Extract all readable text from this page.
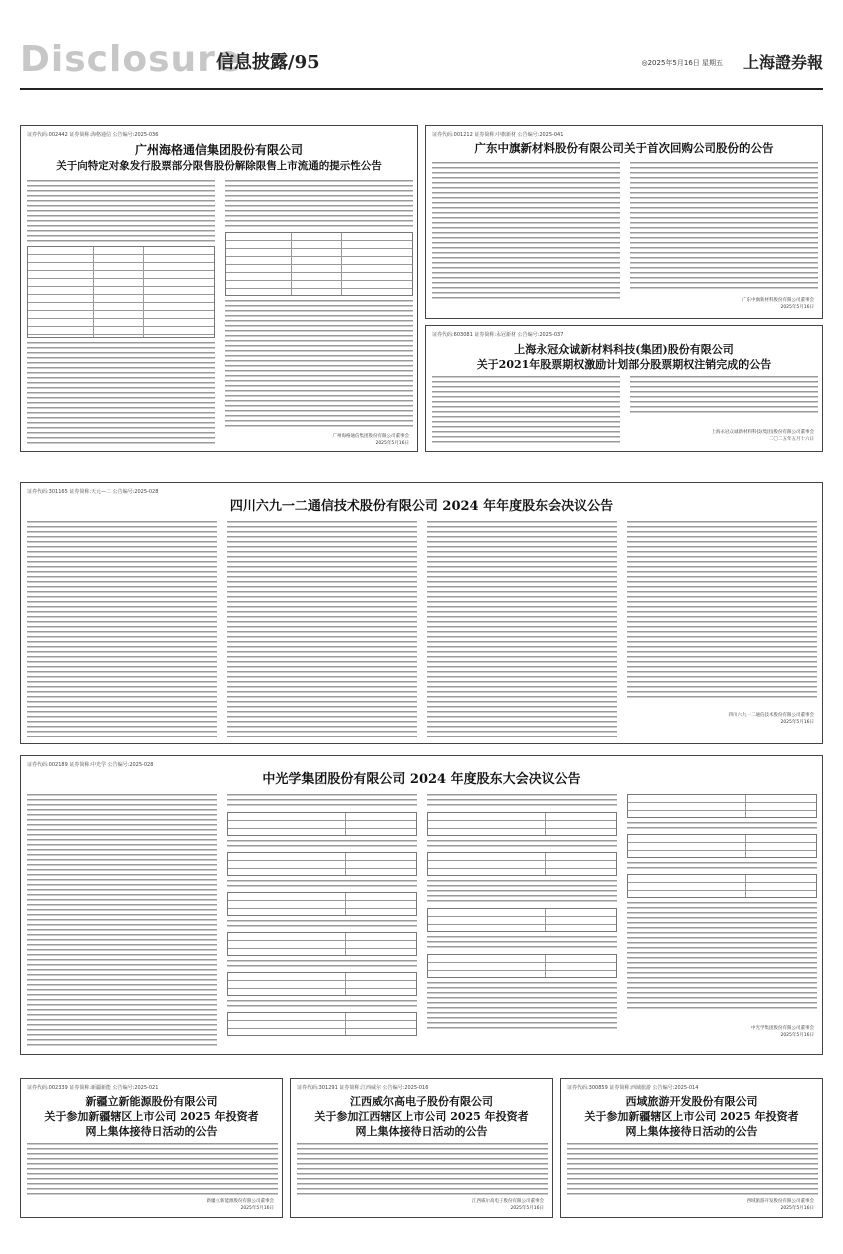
Disclosure
信息披露/95	◎2025年5月16日 星期五 上海證券報
证券代码:002442 证券简称:海格通信 公告编号:2025-036
广州海格通信集团股份有限公司
关于向特定对象发行股票部分限售股份解除限售上市流通的提示性公告
广州海格通信集团股份有限公司董事会
2025年5月16日
证券代码:001212 证券简称:中旗新材 公告编号:2025-041
广东中旗新材料股份有限公司关于首次回购公司股份的公告
广东中旗新材料股份有限公司董事会
2025年5月16日
证券代码:603081 证券简称:永冠新材 公告编号:2025-037
上海永冠众诚新材料科技(集团)股份有限公司
关于2021年股票期权激励计划部分股票期权注销完成的公告
上海永冠众诚新材料科技(集团)股份有限公司董事会
二〇二五年五月十六日
证券代码:301165 证券简称:天元—二 公告编号:2025-028
四川六九一二通信技术股份有限公司 2024 年年度股东会决议公告
四川六九一二通信技术股份有限公司董事会
2025年5月16日
证券代码:002189 证券简称:中光学 公告编号:2025-028
中光学集团股份有限公司 2024 年度股东大会决议公告
中光学集团股份有限公司董事会
2025年5月16日
证券代码:002339 证券简称:新疆新能 公告编号:2025-021
新疆立新能源股份有限公司
关于参加新疆辖区上市公司 2025 年投资者
网上集体接待日活动的公告
新疆立新能源股份有限公司董事会
2025年5月16日
证券代码:301291 证券简称:江西威尔 公告编号:2025-016
江西威尔高电子股份有限公司
关于参加江西辖区上市公司 2025 年投资者
网上集体接待日活动的公告
江西威尔高电子股份有限公司董事会
2025年5月16日
证券代码:300859 证券简称:西域旅游 公告编号:2025-014
西域旅游开发股份有限公司
关于参加新疆辖区上市公司 2025 年投资者
网上集体接待日活动的公告
西域旅游开发股份有限公司董事会
2025年5月16日
